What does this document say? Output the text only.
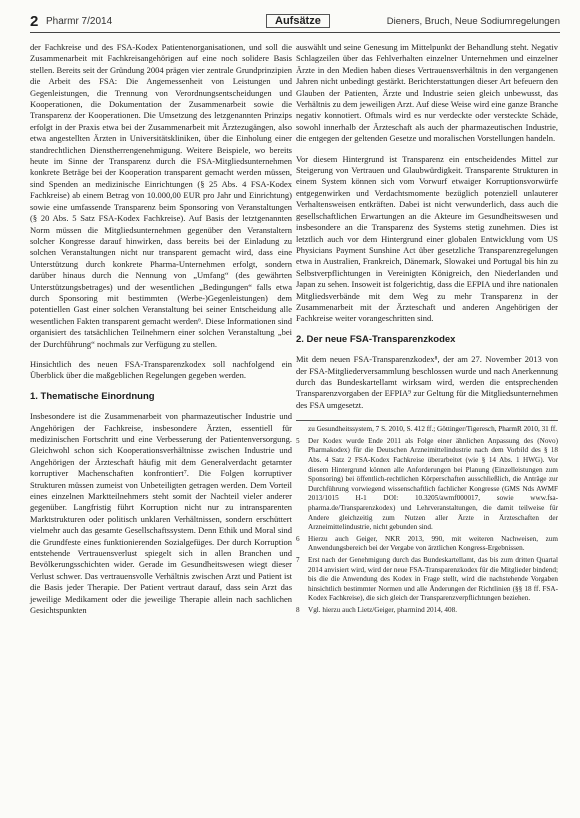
2 Pharmr 7/2014	Aufsätze	Dieners, Bruch, Neue Sodiumregelungen

der Fachkreise und des FSA-Kodex Patientenorganisationen, und soll die Zusammenarbeit mit Fachkreisangehörigen auf eine noch solidere Basis stellen. Bereits seit der Gründung 2004 prägen vier zentrale Grundprinzipien die Arbeit des FSA: Die Angemessenheit von Leistungen und Gegenleistungen, die Trennung von Verordnungsentscheidungen und Kooperationen, die Dokumentation der Zusammenarbeit sowie die Transparenz der Kooperationen. Die Umsetzung des letzgenannten Prinzips erfolgt in der Praxis etwa bei der Zusammenarbeit mit Ärztezugängen, also etwa angestellten Ärzten in Universitätskliniken, über die Einholung einer standrechtlichen Dienstherrengenehmigung. Weitere Beispiele, wo bereits heute im Sinne der Transparenz durch die FSA-Mitgliedsunternehmen konkrete Beträge bei der Kooperation transparent gemacht werden müssen, sind Spenden an medizinische Einrichtungen (§ 25 Abs. 4 FSA-Kodex Fachkreise) ab einem Betrag von 10.000,00 EUR pro Jahr und Einrichtung) sowie eine umfassende Transparenz beim Sponsoring von Veranstaltungen (§ 20 Abs. 5 Satz FSA-Kodex Fachkreise). Auf Basis der letztgenannten Norm müssen die Mitgliedsunternehmen gegenüber den Veranstaltern solcher Kongresse darauf hinwirken, dass bereits bei der Einladung zu solchen Veranstaltungen nicht nur transparent gemacht wird, dass eine Unterstützung durch konkrete Pharma-Unternehmen erfolgt, sondern darüber hinaus durch die Nennung von „Umfang“ (des gewährten Unterstützungsbetrages) und der wesentlichen „Bedingungen“ falls etwa durch Sponsoring mit bestimmten (Werbe-)Gegenleistungen) dem potentiellen Gast einer solchen Veranstaltung bei seiner Entscheidung alle wesentlichen Fakten transparent gemacht werden⁶. Diese Informationen sind organisiert des tatsächlichen Teilnehmern einer solchen Veranstaltung „bei der Durchführung“ nochmals zur Verfügung zu stellen.

Hinsichtlich des neuen FSA-Transparenzkodex soll nachfolgend ein Überblick über die maßgeblichen Regelungen gegeben werden.

1. Thematische Einordnung

Insbesondere ist die Zusammenarbeit von pharmazeutischer Industrie und Angehörigen der Fachkreise, insbesondere Ärzten, essentiell für medizinischen Fortschritt und eine Verbesserung der Patientenversorgung. Gleichwohl schon sich Kooperationsverhältnisse zwischen Industrie und Angehörigen der Ärzteschaft häufig mit dem Generalverdacht getarnter korruptiver Machenschaften konfrontiert⁷. Die Folgen korruptiver Strukturen müssen zumeist von Unbeteiligten getragen werden. Dem Vorteil eines einzelnen Marktteilnehmers steht somit der Nachteil vieler anderer gegenüber. Langfristig führt Korruption nicht nur zu intransparenten Marktstrukturen oder politisch unklaren Verhältnissen, sondern erschüttert vielmehr auch das gesamte Gesellschaftssystem. Denn Ethik und Moral sind die Grundfeste eines funktionierenden Sozialgefüges. Der durch Korruption entstehende Vertrauensverlust spiegelt sich in allen Branchen und Bevölkerungsschichten wider. Gerade im Gesundheitswesen wiegt dieser Verlust schwer. Das vertrauensvolle Verhältnis zwischen Arzt und Patient ist die Basis jeder Therapie. Der Patient vertraut darauf, dass sein Arzt das jeweilige Medikament oder die jeweilige Therapie allein nach sachlichen Gesichtspunkten

auswählt und seine Genesung im Mittelpunkt der Behandlung steht. Negativ Schlagzeilen über das Fehlverhalten einzelner Unternehmen und einzelner Ärzte in den Medien haben dieses Vertrauensverhältnis in den vergangenen Jahren nicht unbedingt gestärkt. Berichterstattungen dieser Art befeuern den Glauben der Patienten, Ärzte und Industrie seien gleich unbewusst, das Verhältnis zu dem jeweiligen Arzt. Auf diese Weise wird eine ganze Branche negativ konnotiert. Oftmals wird es nur verdeckte oder versteckte Schäde, sowohl innerhalb der Ärzteschaft als auch der pharmazeutischen Industrie, die entgegen der geltenden Gesetze und moralischen Vorstellungen handeln.

Vor diesem Hintergrund ist Transparenz ein entscheidendes Mittel zur Steigerung von Vertrauen und Glaubwürdigkeit. Transparente Strukturen in einem System können sich vom Vorwurf etwaiger Korruptionsvorwürfe entgegenwirken und Verdachtsmomente bezüglich potenziell unlauterer Verhaltensweisen entkräften. Dabei ist nicht verwunderlich, dass auch die gesellschaftlichen Erwartungen an die Akteure im Gesundheitswesen und insbesondere an die Transparenz des Systems stetig zunehmen. Dies ist letztlich auch vor dem Hintergrund einer globalen Entwicklung vom US Physicians Payment Sunshine Act über gesetzliche Transparenzregelungen etwa in Australien, Frankreich, Dänemark, Slowakei und Portugal bis hin zu Selbstverpflichtungen in Vereinigten Königreich, den Niederlanden und Japan zu sehen. Insoweit ist folgerichtig, dass die EFPIA und ihre nationalen Mitgliedsverbände mit dem Weg zu mehr Transparenz in der Zusammenarbeit mit der Ärzteschaft und anderen Angehörigen der Fachkreise weiter vorangeschritten sind.

2. Der neue FSA-Transparenzkodex

Mit dem neuen FSA-Transparenzkodex⁸, der am 27. November 2013 von der FSA-Mitgliederversammlung beschlossen wurde und nach Anerkennung durch das Bundeskartellamt wirksam wird, werden die entsprechenden Transparenzvorgaben der EFPIA⁹ zur Geltung für die Mitgliedsunternehmen des FSA umgesetzt.

zu Gesundheitssystem, 7 S. 2010, S. 412 ff.; Göttinger/Tigeresch, PharmR 2010, 31 ff.
5	Der Kodex wurde Ende 2011 als Folge einer ähnlichen Anpassung des (Novo) Pharmakodex) für die Deutschen Arzneimittelindustrie nach dem Vorbild des § 18 Abs. 4 Satz 2 FSA-Kodex Fachkreise überarbeitet (wie § 14 Abs. 1 HWG). Vor diesem Hintergrund können alle Anforderungen bei Planung (Einzelleistungen zum Sponsoring) bei öffentlich-rechtlichen Körperschaften ausschließlich, die Anträge zur Durchführung vorwiegend wissenschaftlich fachlicher Kongresse (GMS Nds AWMF 2013/1015 H-1 DOI: 10.3205/awmf000017, sowie www.fsa-pharma.de/Transparenzkodex) und Lehrveranstaltungen, die damit teilweise für Andere gleichzeitig zum Nutzen aller Ärzte in Ärzteschaften der Arzneimittelindustrie, nicht gebunden sind.
6	Hierzu auch Geiger, NKR 2013, 990, mit weiteren Nachweisen, zum Anwendungsbereich bei der Vergabe von ärztlichen Kongress-Ergebnissen.
7	Erst nach der Genehmigung durch das Bundeskartellamt, das bis zum dritten Quartal 2014 anvisiert wird, wird der neue FSA-Transparenzkodex für die Mitglieder bindend; bis die die Anwendung des Kodex in Frage stellt, wird die nachstehende Vorgaben hinsichtlich bestimmter Normen und alle Änderungen der Richtlinien (§§ 18 ff. FSA-Kodex Fachkreise), die sich gleich der Transparenzverpflichtungen beziehen.
8	Vgl. hierzu auch Lietz/Geiger, pharmind 2014, 408.
